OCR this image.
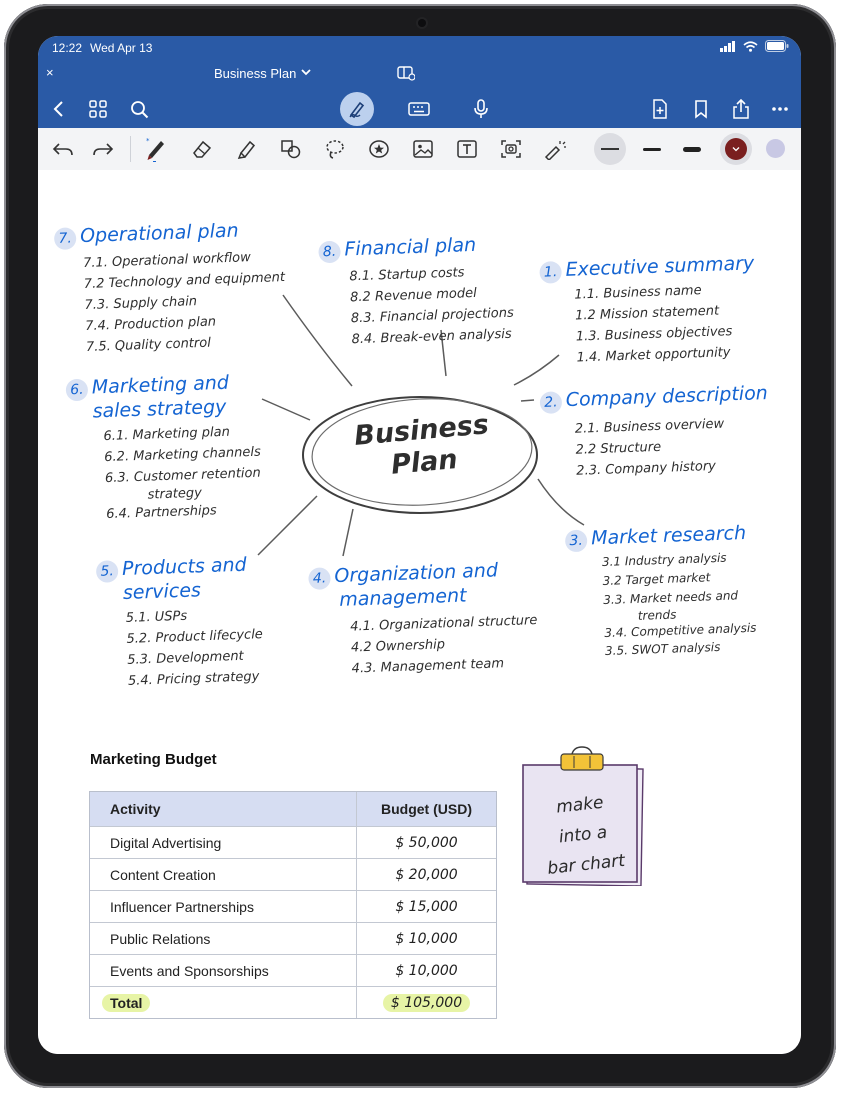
12:22 Wed Apr 13
×	Business Plan
*
Business
Plan
7. Operational plan
7.1. Operational workflow
7.2 Technology and equipment
7.3. Supply chain
7.4. Production plan
7.5. Quality control
8. Financial plan
8.1. Startup costs
8.2 Revenue model
8.3. Financial projections
8.4. Break-even analysis
1. Executive summary
1.1. Business name
1.2 Mission statement
1.3. Business objectives
1.4. Market opportunity
6. Marketing and
sales strategy
6.1. Marketing plan
6.2. Marketing channels
6.3. Customer retention
strategy
6.4. Partnerships
2. Company description
2.1. Business overview
2.2 Structure
2.3. Company history
3. Market research
3.1 Industry analysis
3.2 Target market
3.3. Market needs and
trends
3.4. Competitive analysis
3.5. SWOT analysis
5. Products and
services
5.1. USPs
5.2. Product lifecycle
5.3. Development
5.4. Pricing strategy
4. Organization and
management
4.1. Organizational structure
4.2 Ownership
4.3. Management team
Marketing Budget
Activity	Budget (USD)
Digital Advertising	$ 50,000
Content Creation	$ 20,000
Influencer Partnerships	$ 15,000
Public Relations	$ 10,000
Events and Sponsorships	$ 10,000
Total	$ 105,000
make
into a
bar chart
